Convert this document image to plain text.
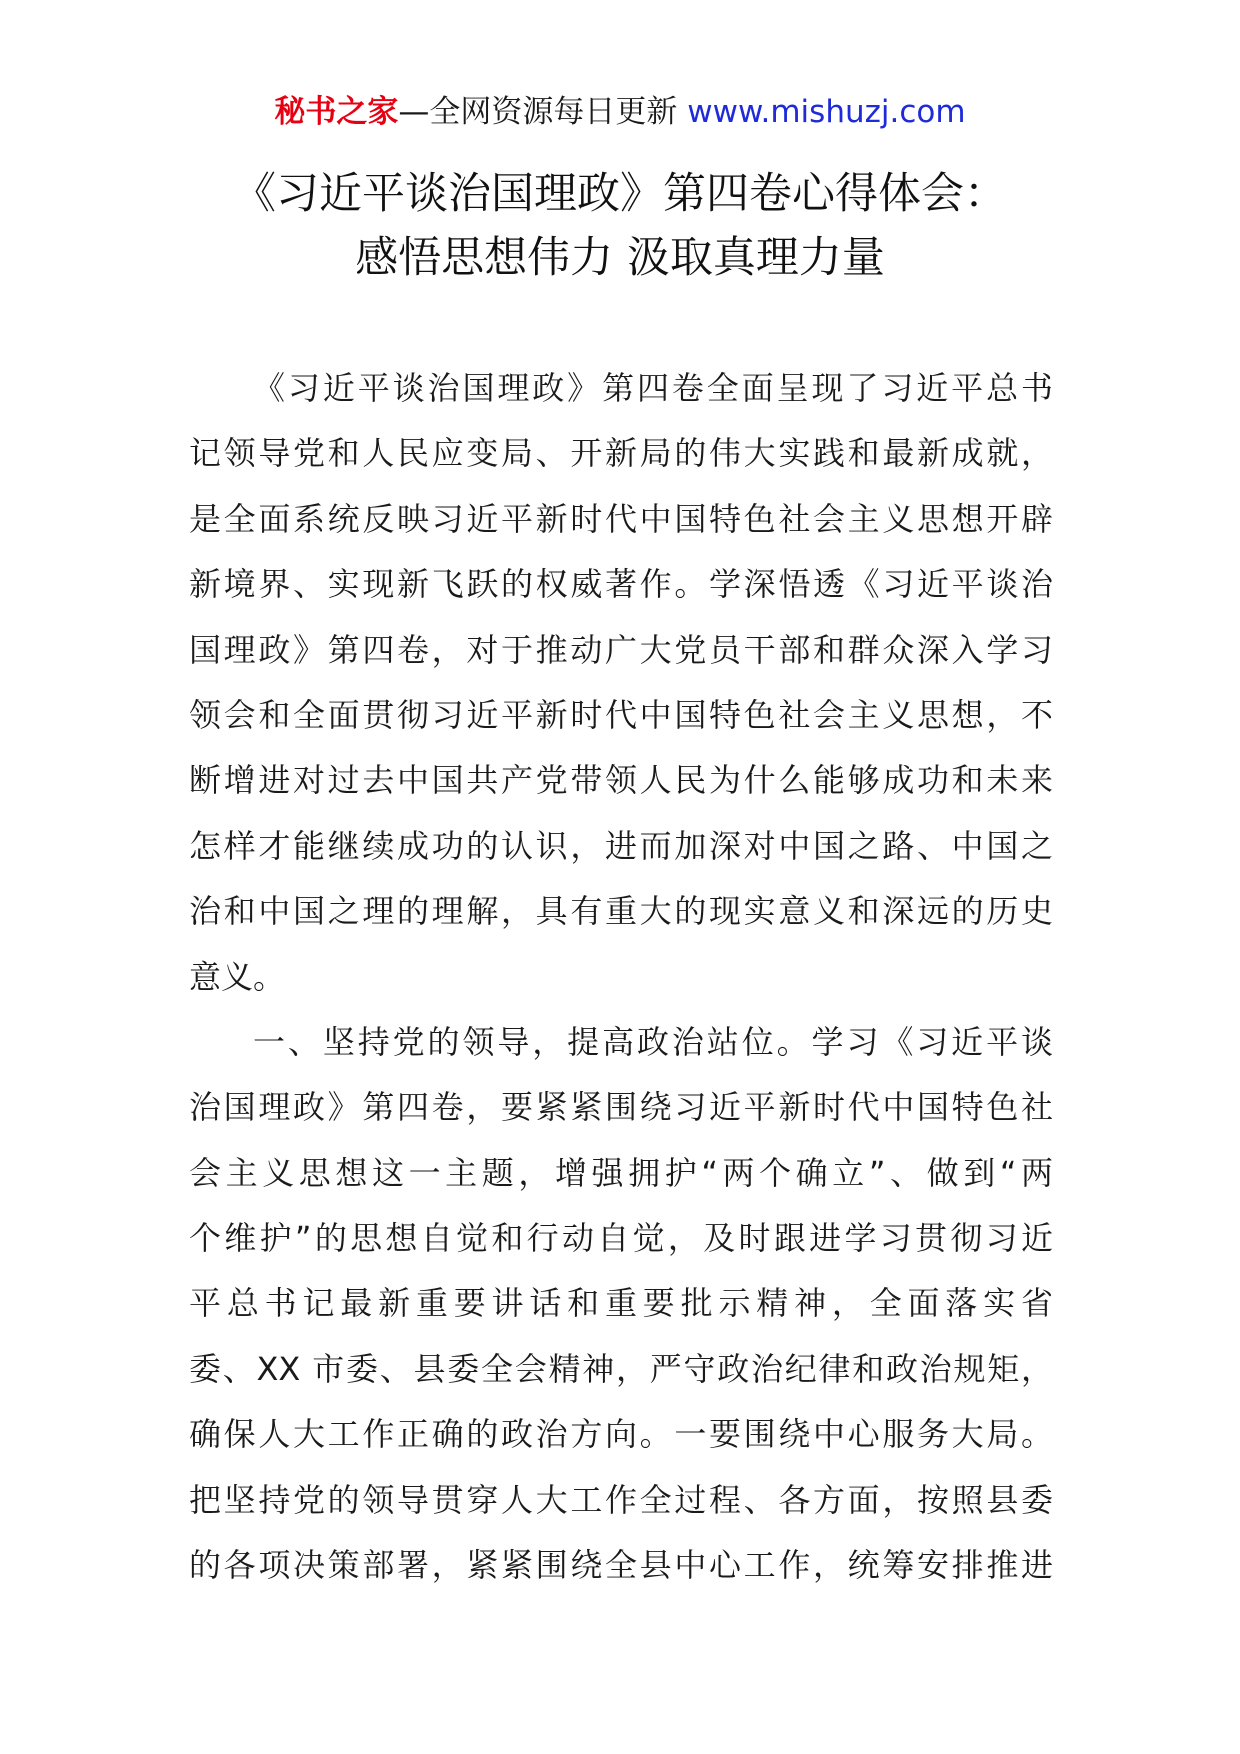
秘书之家—全网资源每日更新 www.mishuzj.com
《习近平谈治国理政》第四卷心得体会：
感悟思想伟力 汲取真理力量
《习近平谈治国理政》第四卷全面呈现了习近平总书
记领导党和人民应变局、开新局的伟大实践和最新成就，
是全面系统反映习近平新时代中国特色社会主义思想开辟
新境界、实现新飞跃的权威著作。学深悟透《习近平谈治
国理政》第四卷，对于推动广大党员干部和群众深入学习
领会和全面贯彻习近平新时代中国特色社会主义思想，不
断增进对过去中国共产党带领人民为什么能够成功和未来
怎样才能继续成功的认识，进而加深对中国之路、中国之
治和中国之理的理解，具有重大的现实意义和深远的历史
意义。
一、坚持党的领导，提高政治站位。学习《习近平谈
治国理政》第四卷，要紧紧围绕习近平新时代中国特色社
会主义思想这一主题，增强拥护“两个确立”、做到“两
个维护”的思想自觉和行动自觉，及时跟进学习贯彻习近
平总书记最新重要讲话和重要批示精神，全面落实省
委、XX 市委、县委全会精神，严守政治纪律和政治规矩，
确保人大工作正确的政治方向。一要围绕中心服务大局。
把坚持党的领导贯穿人大工作全过程、各方面，按照县委
的各项决策部署，紧紧围绕全县中心工作，统筹安排推进
